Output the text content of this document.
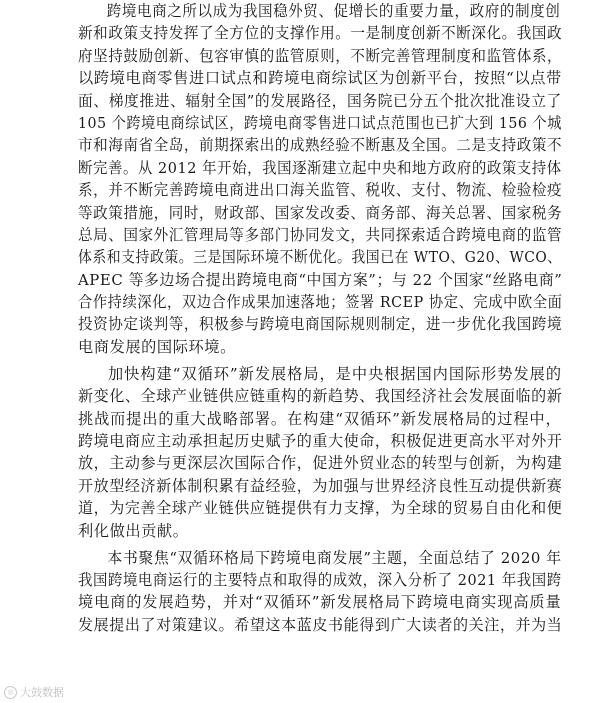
跨境电商之所以成为我国稳外贸、促增长的重要力量，政府的制度创
新和政策支持发挥了全方位的支撑作用。一是制度创新不断深化。我国政
府坚持鼓励创新、包容审慎的监管原则，不断完善管理制度和监管体系，
以跨境电商零售进口试点和跨境电商综试区为创新平台，按照“以点带
面、梯度推进、辐射全国”的发展路径，国务院已分五个批次批准设立了
105 个跨境电商综试区，跨境电商零售进口试点范围也已扩大到 156 个城
市和海南省全岛，前期探索出的成熟经验不断惠及全国。二是支持政策不
断完善。从 2012 年开始，我国逐渐建立起中央和地方政府的政策支持体
系，并不断完善跨境电商进出口海关监管、税收、支付、物流、检验检疫
等政策措施，同时，财政部、国家发改委、商务部、海关总署、国家税务
总局、国家外汇管理局等多部门协同发文，共同探索适合跨境电商的监管
体系和支持政策。三是国际环境不断优化。我国已在 WTO、G20、WCO、
APEC 等多边场合提出跨境电商“中国方案”；与 22 个国家“丝路电商”
合作持续深化，双边合作成果加速落地；签署 RCEP 协定、完成中欧全面
投资协定谈判等，积极参与跨境电商国际规则制定，进一步优化我国跨境
电商发展的国际环境。
加快构建“双循环”新发展格局，是中央根据国内国际形势发展的
新变化、全球产业链供应链重构的新趋势、我国经济社会发展面临的新
挑战而提出的重大战略部署。在构建“双循环”新发展格局的过程中，
跨境电商应主动承担起历史赋予的重大使命，积极促进更高水平对外开
放，主动参与更深层次国际合作，促进外贸业态的转型与创新，为构建
开放型经济新体制积累有益经验，为加强与世界经济良性互动提供新赛
道，为完善全球产业链供应链提供有力支撑，为全球的贸易自由化和便
利化做出贡献。
本书聚焦“双循环格局下跨境电商发展”主题，全面总结了 2020 年
我国跨境电商运行的主要特点和取得的成效，深入分析了 2021 年我国跨
境电商的发展趋势，并对“双循环”新发展格局下跨境电商实现高质量
发展提出了对策建议。希望这本蓝皮书能得到广大读者的关注，并为当
◎ 大鼓数据
